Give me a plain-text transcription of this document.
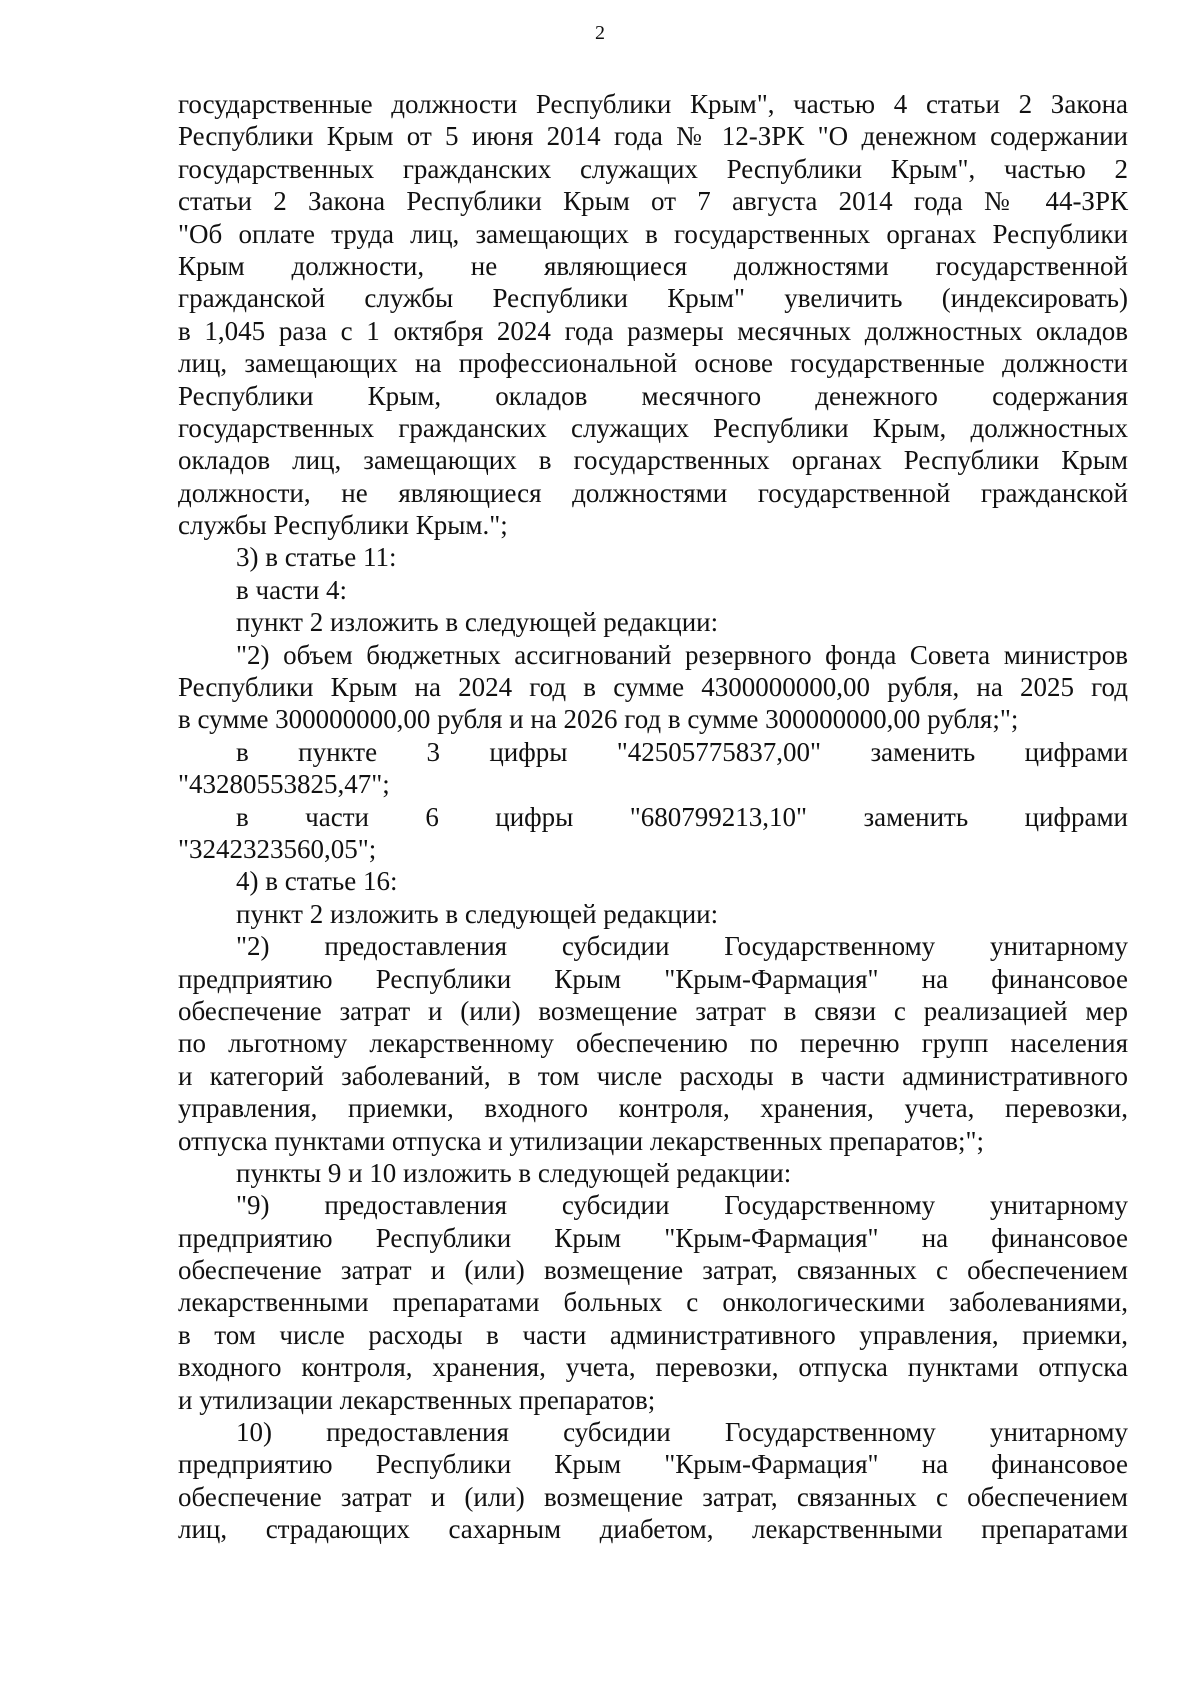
2
государственные должности Республики Крым", частью 4 статьи 2 Закона
Республики Крым от 5 июня 2014 года № 12-ЗРК "О денежном содержании
государственных гражданских служащих Республики Крым", частью 2
статьи 2 Закона Республики Крым от 7 августа 2014 года № 44-ЗРК
"Об оплате труда лиц, замещающих в государственных органах Республики
Крым должности, не являющиеся должностями государственной
гражданской службы Республики Крым" увеличить (индексировать)
в 1,045 раза с 1 октября 2024 года размеры месячных должностных окладов
лиц, замещающих на профессиональной основе государственные должности
Республики Крым, окладов месячного денежного содержания
государственных гражданских служащих Республики Крым, должностных
окладов лиц, замещающих в государственных органах Республики Крым
должности, не являющиеся должностями государственной гражданской
службы Республики Крым.";
3) в статье 11:
в части 4:
пункт 2 изложить в следующей редакции:
"2) объем бюджетных ассигнований резервного фонда Совета министров
Республики Крым на 2024 год в сумме 4300000000,00 рубля, на 2025 год
в сумме 300000000,00 рубля и на 2026 год в сумме 300000000,00 рубля;";
в пункте 3 цифры "42505775837,00" заменить цифрами
"43280553825,47";
в части 6 цифры "680799213,10" заменить цифрами
"3242323560,05";
4) в статье 16:
пункт 2 изложить в следующей редакции:
"2) предоставления субсидии Государственному унитарному
предприятию Республики Крым "Крым-Фармация" на финансовое
обеспечение затрат и (или) возмещение затрат в связи с реализацией мер
по льготному лекарственному обеспечению по перечню групп населения
и категорий заболеваний, в том числе расходы в части административного
управления, приемки, входного контроля, хранения, учета, перевозки,
отпуска пунктами отпуска и утилизации лекарственных препаратов;";
пункты 9 и 10 изложить в следующей редакции:
"9) предоставления субсидии Государственному унитарному
предприятию Республики Крым "Крым-Фармация" на финансовое
обеспечение затрат и (или) возмещение затрат, связанных с обеспечением
лекарственными препаратами больных с онкологическими заболеваниями,
в том числе расходы в части административного управления, приемки,
входного контроля, хранения, учета, перевозки, отпуска пунктами отпуска
и утилизации лекарственных препаратов;
10) предоставления субсидии Государственному унитарному
предприятию Республики Крым "Крым-Фармация" на финансовое
обеспечение затрат и (или) возмещение затрат, связанных с обеспечением
лиц, страдающих сахарным диабетом, лекарственными препаратами
